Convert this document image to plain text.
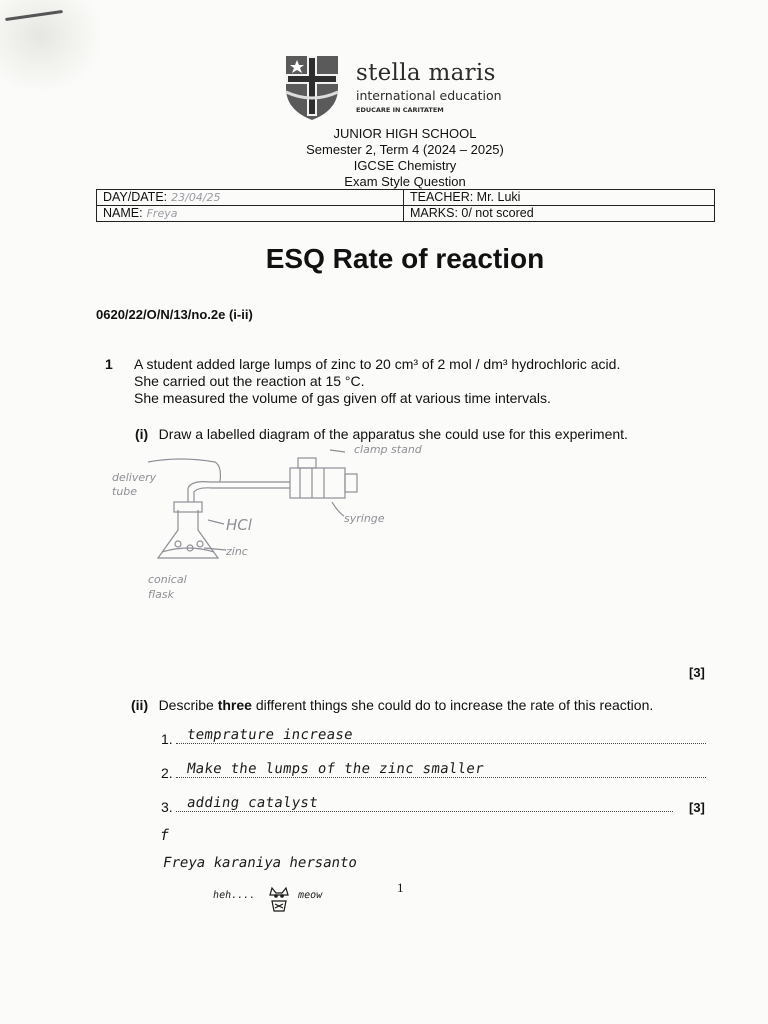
stella maris
international education
EDUCARE IN CARITATEM
JUNIOR HIGH SCHOOL
Semester 2, Term 4 (2024 – 2025)
IGCSE Chemistry
Exam Style Question
DAY/DATE: 23/04/25	TEACHER: Mr. Luki
NAME: Freya	MARKS: 0/ not scored
ESQ Rate of reaction
0620/22/O/N/13/no.2e (i-ii)
1 A student added large lumps of zinc to 20 cm³ of 2 mol / dm³ hydrochloric acid.
She carried out the reaction at 15 °C.
She measured the volume of gas given off at various time intervals.
(i) Draw a labelled diagram of the apparatus she could use for this experiment.
clamp stand
delivery tube
syringe
HCl
zinc
conical flask
[3]
(ii) Describe three different things she could do to increase the rate of this reaction.
1. temprature increase
2. Make the lumps of the zinc smaller
3. adding catalyst	[3]
f
Freya karaniya hersanto
heh....	meow
1
